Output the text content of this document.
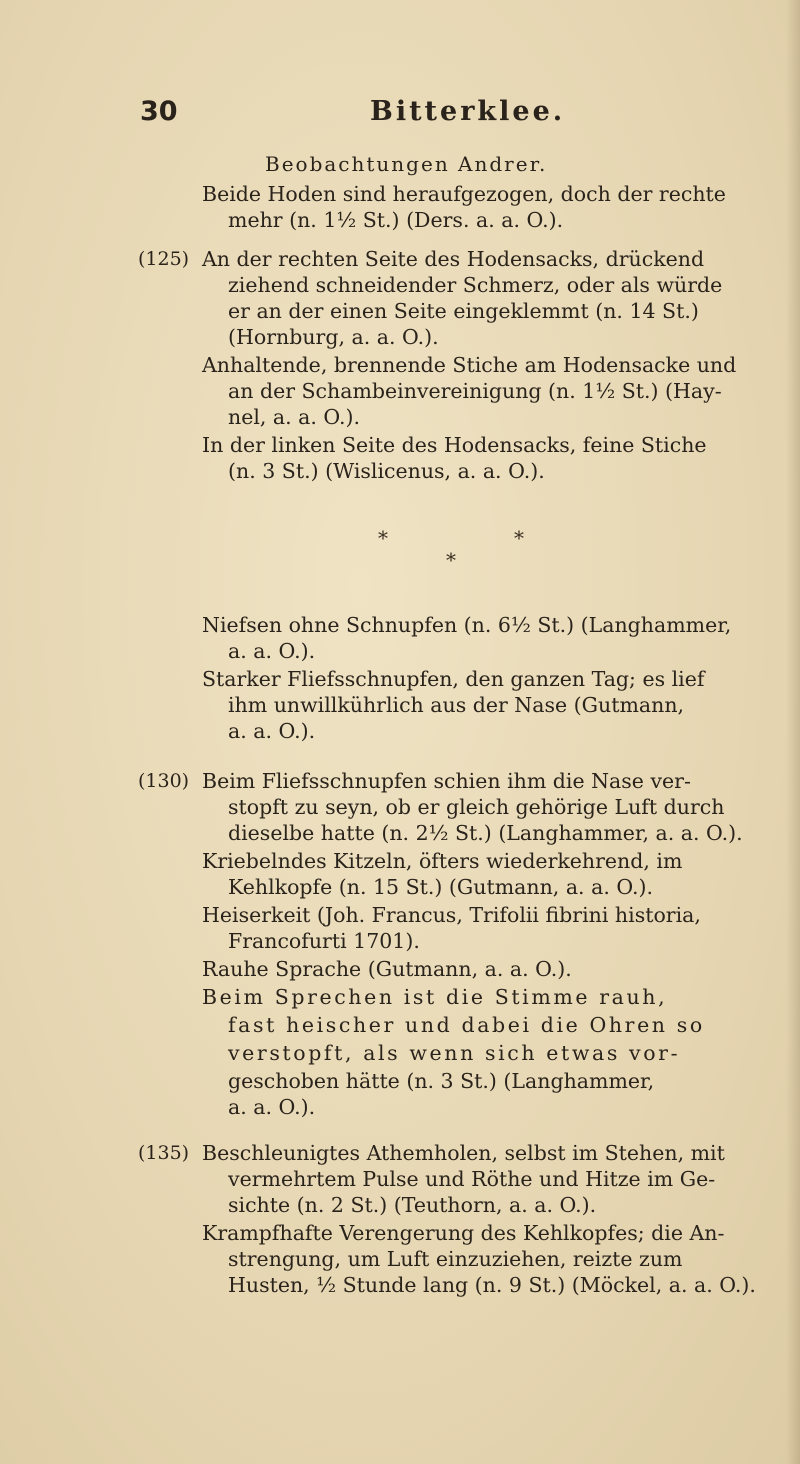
30	Bitterklee.
Beobachtungen Andrer.
Beide Hoden sind heraufgezogen, doch der rechte
mehr (n. 1½ St.) (Ders. a. a. O.).
(125) An der rechten Seite des Hodensacks, drückend
ziehend schneidender Schmerz, oder als würde
er an der einen Seite eingeklemmt (n. 14 St.)
(Hornburg, a. a. O.).
Anhaltende, brennende Stiche am Hodensacke und
an der Schambeinvereinigung (n. 1½ St.) (Hay-
nel, a. a. O.).
In der linken Seite des Hodensacks, feine Stiche
(n. 3 St.) (Wislicenus, a. a. O.).
*	*
*
Niefsen ohne Schnupfen (n. 6½ St.) (Langhammer,
a. a. O.).
Starker Fliefsschnupfen, den ganzen Tag; es lief
ihm unwillkührlich aus der Nase (Gutmann,
a. a. O.).
(130) Beim Fliefsschnupfen schien ihm die Nase ver-
stopft zu seyn, ob er gleich gehörige Luft durch
dieselbe hatte (n. 2½ St.) (Langhammer, a. a. O.).
Kriebelndes Kitzeln, öfters wiederkehrend, im
Kehlkopfe (n. 15 St.) (Gutmann, a. a. O.).
Heiserkeit (Joh. Francus, Trifolii fibrini historia,
Francofurti 1701).
Rauhe Sprache (Gutmann, a. a. O.).
Beim Sprechen ist die Stimme rauh,
fast heischer und dabei die Ohren so
verstopft, als wenn sich etwas vor-
geschoben hätte (n. 3 St.) (Langhammer,
a. a. O.).
(135) Beschleunigtes Athemholen, selbst im Stehen, mit
vermehrtem Pulse und Röthe und Hitze im Ge-
sichte (n. 2 St.) (Teuthorn, a. a. O.).
Krampfhafte Verengerung des Kehlkopfes; die An-
strengung, um Luft einzuziehen, reizte zum
Husten, ½ Stunde lang (n. 9 St.) (Möckel, a. a. O.).
